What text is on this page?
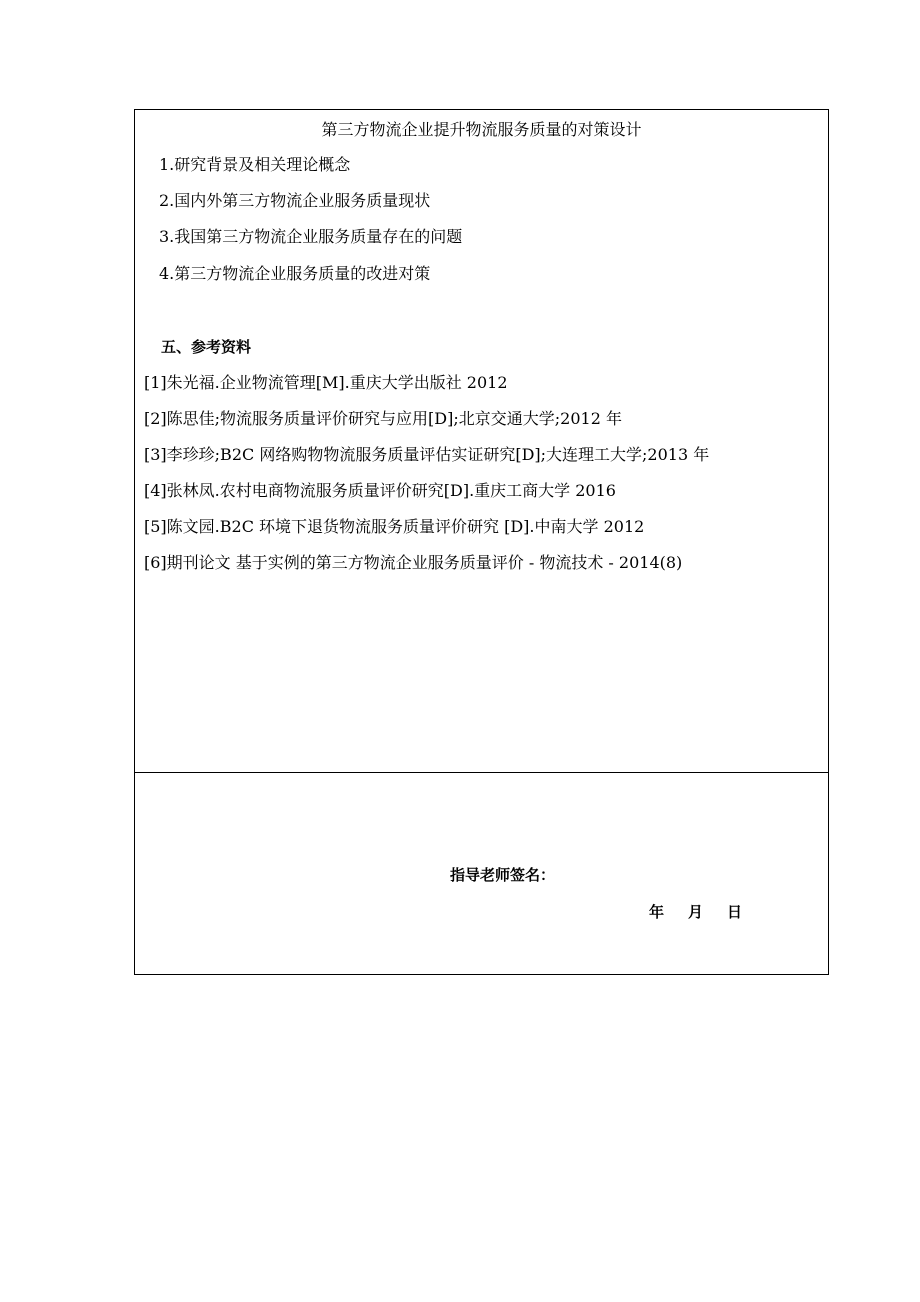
第三方物流企业提升物流服务质量的对策设计
1.研究背景及相关理论概念
2.国内外第三方物流企业服务质量现状
3.我国第三方物流企业服务质量存在的问题
4.第三方物流企业服务质量的改进对策
五、参考资料
[1]朱光福.企业物流管理[M].重庆大学出版社 2012
[2]陈思佳;物流服务质量评价研究与应用[D];北京交通大学;2012 年
[3]李珍珍;B2C 网络购物物流服务质量评估实证研究[D];大连理工大学;2013 年
[4]张林凤.农村电商物流服务质量评价研究[D].重庆工商大学 2016
[5]陈文园.B2C 环境下退货物流服务质量评价研究 [D].中南大学 2012
[6]期刊论文 基于实例的第三方物流企业服务质量评价 - 物流技术 - 2014(8)
指导老师签名：
年 月 日
